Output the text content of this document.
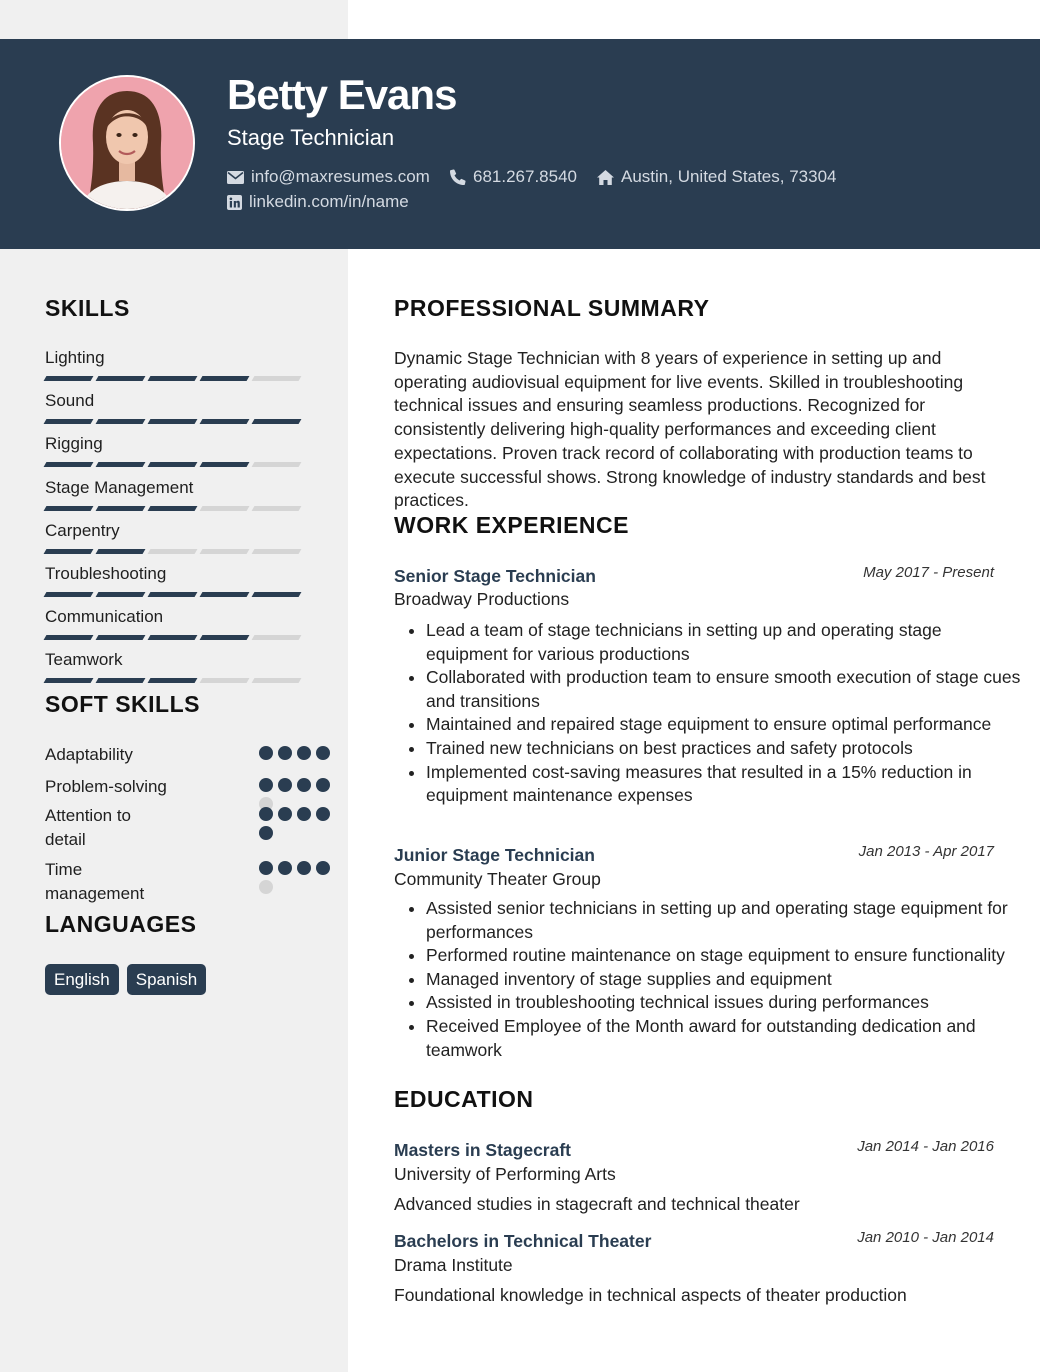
Betty Evans
Stage Technician
info@maxresumes.com	681.267.8540	Austin, United States, 73304
linkedin.com/in/name
SKILLS
Lighting
Sound
Rigging
Stage Management
Carpentry
Troubleshooting
Communication
Teamwork
SOFT SKILLS
Adaptability
Problem-solving
Attention to detail
Time management
LANGUAGES
English	Spanish
PROFESSIONAL SUMMARY

Dynamic Stage Technician with 8 years of experience in setting up and operating audiovisual equipment for live events. Skilled in troubleshooting technical issues and ensuring seamless productions. Recognized for consistently delivering high-quality performances and exceeding client expectations. Proven track record of collaborating with production teams to execute successful shows. Strong knowledge of industry standards and best practices.

WORK EXPERIENCE
Senior Stage Technician	May 2017 - Present
Broadway Productions
• Lead a team of stage technicians in setting up and operating stage equipment for various productions
• Collaborated with production team to ensure smooth execution of stage cues and transitions
• Maintained and repaired stage equipment to ensure optimal performance
• Trained new technicians on best practices and safety protocols
• Implemented cost-saving measures that resulted in a 15% reduction in equipment maintenance expenses
Junior Stage Technician	Jan 2013 - Apr 2017
Community Theater Group
• Assisted senior technicians in setting up and operating stage equipment for performances
• Performed routine maintenance on stage equipment to ensure functionality
• Managed inventory of stage supplies and equipment
• Assisted in troubleshooting technical issues during performances
• Received Employee of the Month award for outstanding dedication and teamwork
EDUCATION
Masters in Stagecraft	Jan 2014 - Jan 2016
University of Performing Arts
Advanced studies in stagecraft and technical theater
Bachelors in Technical Theater	Jan 2010 - Jan 2014
Drama Institute
Foundational knowledge in technical aspects of theater production
